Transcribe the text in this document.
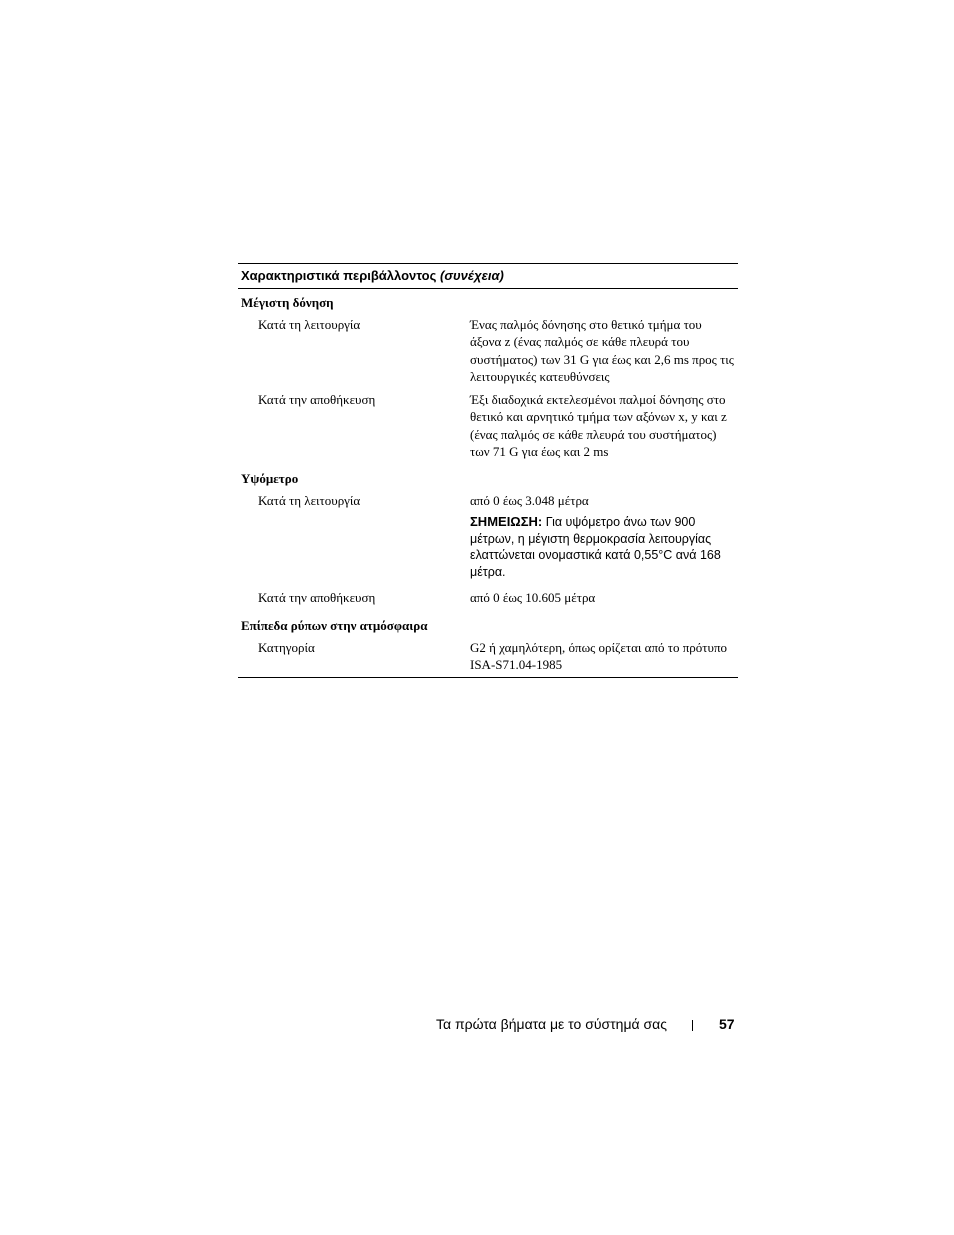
Χαρακτηριστικά περιβάλλοντος (συνέχεια)
Μέγιστη δόνηση
Κατά τη λειτουργία	Ένας παλμός δόνησης στο θετικό τμήμα του άξονα z (ένας παλμός σε κάθε πλευρά του συστήματος) των 31 G για έως και 2,6 ms προς τις λειτουργικές κατευθύνσεις
Κατά την αποθήκευση	Έξι διαδοχικά εκτελεσμένοι παλμοί δόνησης στο θετικό και αρνητικό τμήμα των αξόνων x, y και z (ένας παλμός σε κάθε πλευρά του συστήματος) των 71 G για έως και 2 ms
Υψόμετρο
Κατά τη λειτουργία	από 0 έως 3.048 μέτρα
ΣΗΜΕΙΩΣΗ: Για υψόμετρο άνω των 900 μέτρων, η μέγιστη θερμοκρασία λειτουργίας ελαττώνεται ονομαστικά κατά 0,55°C ανά 168 μέτρα.
Κατά την αποθήκευση	από 0 έως 10.605 μέτρα
Επίπεδα ρύπων στην ατμόσφαιρα
Κατηγορία	G2 ή χαμηλότερη, όπως ορίζεται από το πρότυπο ISA-S71.04-1985
Τα πρώτα βήματα με το σύστημά σας	57
